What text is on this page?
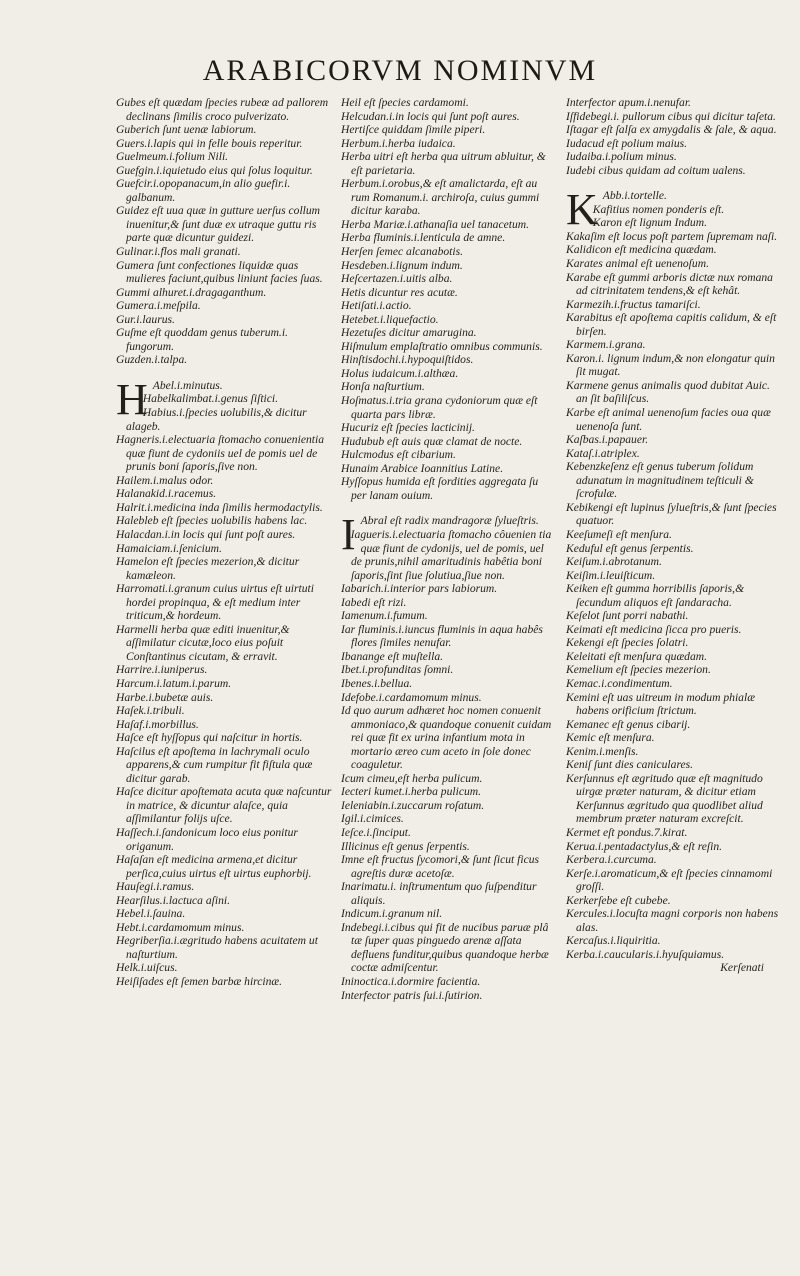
ARABICORVM NOMINVM

Gubes eſt quædam ſpecies rubeæ ad pallorem declinans ſimilis croco pulverizato.

Guberich ſunt uenæ labiorum.

Guers.i.lapis qui in felle bouis reperitur.

Guelmeum.i.folium Nili.

Guefgin.i.iquietudo eius qui ſolus loquitur.

Guefcir.i.opopanacum,in alio guefir.i. galbanum.

Guidez eſt uua quæ in gutture uerſus collum inuenitur,& ſunt duæ ex utraque guttu ris parte quæ dicuntur guidezi.

Gulinar.i.flos mali granati.

Gumera ſunt confectiones liquidæ quas mulieres faciunt,quibus liniunt facies ſuas.

Gummi alhuret.i.dragaganthum.

Gumera.i.meſpila.

Gur.i.laurus.

Guſme eſt quoddam genus tuberum.i. fungorum.

Guzden.i.talpa.

H Abel.i.minutus.

Habelkalimbat.i.genus ſiſtici.

Habius.i.ſpecies uolubilis,& dicitur alageb.

Hagneris.i.electuaria ſtomacho conuenientia quæ fiunt de cydoniis uel de pomis uel de prunis boni ſaporis,ſive non.

Hailem.i.malus odor.

Halanakid.i.racemus.

Halrit.i.medicina inda ſimilis hermodactylis.

Halebleb eſt ſpecies uolubilis habens lac.

Halacdan.i.in locis qui ſunt poſt aures.

Hamaiciam.i.ſenicium.

Hamelon eſt ſpecies mezerion,& dicitur kamæleon.

Harromati.i.granum cuius uirtus eſt uirtuti hordei propinqua, & eſt medium inter triticum,& hordeum.

Harmelli herba quæ editi inuenitur,& aſſimilatur cicutæ,loco eius poſuit Conſtantinus cicutam, & erravit.

Harrire.i.iuniperus.

Harcum.i.latum.i.parum.

Harbe.i.bubetæ auis.

Haſek.i.tribuli.

Haſaf.i.morbillus.

Haſce eſt hyſſopus qui naſcitur in hortis.

Haſcilus eſt apoſtema in lachrymali oculo apparens,& cum rumpitur fit fiſtula quæ dicitur garab.

Haſce dicitur apoſtemata acuta quæ naſcuntur in matrice, & dicuntur alaſce, quia aſſimilantur folijs uſce.

Haſſech.i.ſandonicum loco eius ponitur origanum.

Haſaſan eſt medicina armena,et dicitur perſica,cuius uirtus eſt uirtus euphorbij.

Hauſegi.i.ramus.

Hearſilus.i.lactuca aſini.

Hebel.i.ſauina.

Hebt.i.cardamomum minus.

Hegriberſia.i.ægritudo habens acuitatem ut naſturtium.

Helk.i.uiſcus.

Heiſiſades eſt ſemen barbæ hircinæ.

Heil eſt ſpecies cardamomi.

Helcudan.i.in locis qui ſunt poſt aures.

Hertiſce quiddam ſimile piperi.

Herbum.i.herba iudaica.

Herba uitri eſt herba qua uitrum abluitur, & eſt parietaria.

Herbum.i.orobus,& eſt amalictarda, eſt au rum Romanum.i. archiroſa, cuius gummi dicitur karaba.

Herba Mariæ.i.athanaſia uel tanacetum.

Herba fluminis.i.lenticula de amne.

Herſen ſemec alcanabotis.

Hesdeben.i.lignum indum.

Heſcertazen.i.uitis alba.

Hetis dicuntur res acutæ.

Hetiſati.i.actio.

Hetebet.i.liquefactio.

Hezetuſes dicitur amarugina.

Hiſmulum emplaſtratio omnibus communis.

Hinſtisdochi.i.hypoquiſtidos.

Holus iudaicum.i.althæa.

Honſa naſturtium.

Hoſmatus.i.tria grana cydoniorum quæ eſt quarta pars libræ.

Hucuriz eſt ſpecies lacticinij.

Hudubub eſt auis quæ clamat de nocte.

Hulcmodus eſt cibarium.

Hunaim Arabice Ioannitius Latine.

Hyſſopus humida eſt ſordities aggregata ſu per lanam ouium.

I Abral eſt radix mandragoræ ſylueſtris.

Iagueris.i.electuaria ſtomacho côuenien tia quæ fiunt de cydonijs, uel de pomis, uel de prunis,nihil amaritudinis habêtia boni ſaporis,ſint ſiue ſolutiua,ſiue non.

Iabarich.i.interior pars labiorum.

Iabedi eſt rizi.

Iamenum.i.fumum.

Iar fluminis.i.iuncus fluminis in aqua habês flores ſimiles nenufar.

Ibanange eſt muſtella.

Ibet.i.profunditas ſomni.

Ibenes.i.bellua.

Idefobe.i.cardamomum minus.

Id quo aurum adhæret hoc nomen conuenit ammoniaco,& quandoque conuenit cuidam rei quæ fit ex urina infantium mota in mortario æreo cum aceto in ſole donec coaguletur.

Icum cimeu,eſt herba pulicum.

Iecteri kumet.i.herba pulicum.

Ieleniabin.i.zuccarum roſatum.

Igil.i.cimices.

Ieſce.i.ſinciput.

Illicinus eſt genus ſerpentis.

Imne eſt fructus ſycomori,& ſunt ſicut ficus agreſtis duræ acetoſæ.

Inarimatu.i. inſtrumentum quo ſuſpenditur aliquis.

Indicum.i.granum nil.

Indebegi.i.cibus qui fit de nucibus paruæ plâ tæ ſuper quas pinguedo arenæ aſſata defluens funditur,quibus quandoque herbæ coctæ admiſcentur.

Ininoctica.i.dormire facientia.

Interfector patris ſui.i.ſutirion.

Interfector apum.i.nenufar.

Iſfidebegi.i. pullorum cibus qui dicitur taſeta.

Iſtagar eſt ſalſa ex amygdalis & ſale, & aqua.

Iudacud eſt polium maius.

Iudaiba.i.polium minus.

Iudebi cibus quidam ad coitum ualens.

K Abb.i.tortelle.

Kafitius nomen ponderis eſt.

Karon eſt lignum Indum.

Kakaſim eſt locus poſt partem ſupremam naſi.

Kalidicon eſt medicina quædam.

Karates animal eſt uenenoſum.

Karabe eſt gummi arboris dictæ nux romana ad citrinitatem tendens,& eſt kehât.

Karmezih.i.fructus tamariſci.

Karabitus eſt apoſtema capitis calidum, & eſt birſen.

Karmem.i.grana.

Karon.i. lignum indum,& non elongatur quin ſit mugat.

Karmene genus animalis quod dubitat Auic. an ſit baſiliſcus.

Karbe eſt animal uenenoſum facies oua quæ uenenoſa ſunt.

Kaſbas.i.papauer.

Kataſ.i.atriplex.

Kebenzkeſenz eſt genus tuberum ſolidum adunatum in magnitudinem teſticuli & ſcrofulæ.

Kebikengi eſt lupinus ſylueſtris,& ſunt ſpecies quatuor.

Keeſumeſi eſt menſura.

Keduful eſt genus ſerpentis.

Keiſum.i.abrotanum.

Keiſim.i.leuiſticum.

Keiken eſt gumma horribilis ſaporis,& ſecundum aliquos eſt ſandaracha.

Keſelot ſunt porri nabathi.

Keimati eſt medicina ſicca pro pueris.

Kekengi eſt ſpecies ſolatri.

Keleitati eſt menſura quædam.

Kemelium eſt ſpecies mezerion.

Kemac.i.condimentum.

Kemini eſt uas uitreum in modum phialæ habens orificium ſtrictum.

Kemanec eſt genus cibarij.

Kemic eſt menſura.

Kenim.i.menſis.

Keniſ ſunt dies caniculares.

Kerſunnus eſt ægritudo quæ eſt magnitudo uirgæ præter naturam, & dicitur etiam Kerſunnus ægritudo qua quodlibet aliud membrum præter naturam excreſcit.

Kermet eſt pondus.7.kirat.

Kerua.i.pentadactylus,& eſt reſin.

Kerbera.i.curcuma.

Kerſe.i.aromaticum,& eſt ſpecies cinnamomi groſſi.

Kerkerſebe eſt cubebe.

Kercules.i.locuſta magni corporis non habens alas.

Kercaſus.i.liquiritia.

Kerba.i.caucularis.i.hyuſquiamus.

Kerſenati
